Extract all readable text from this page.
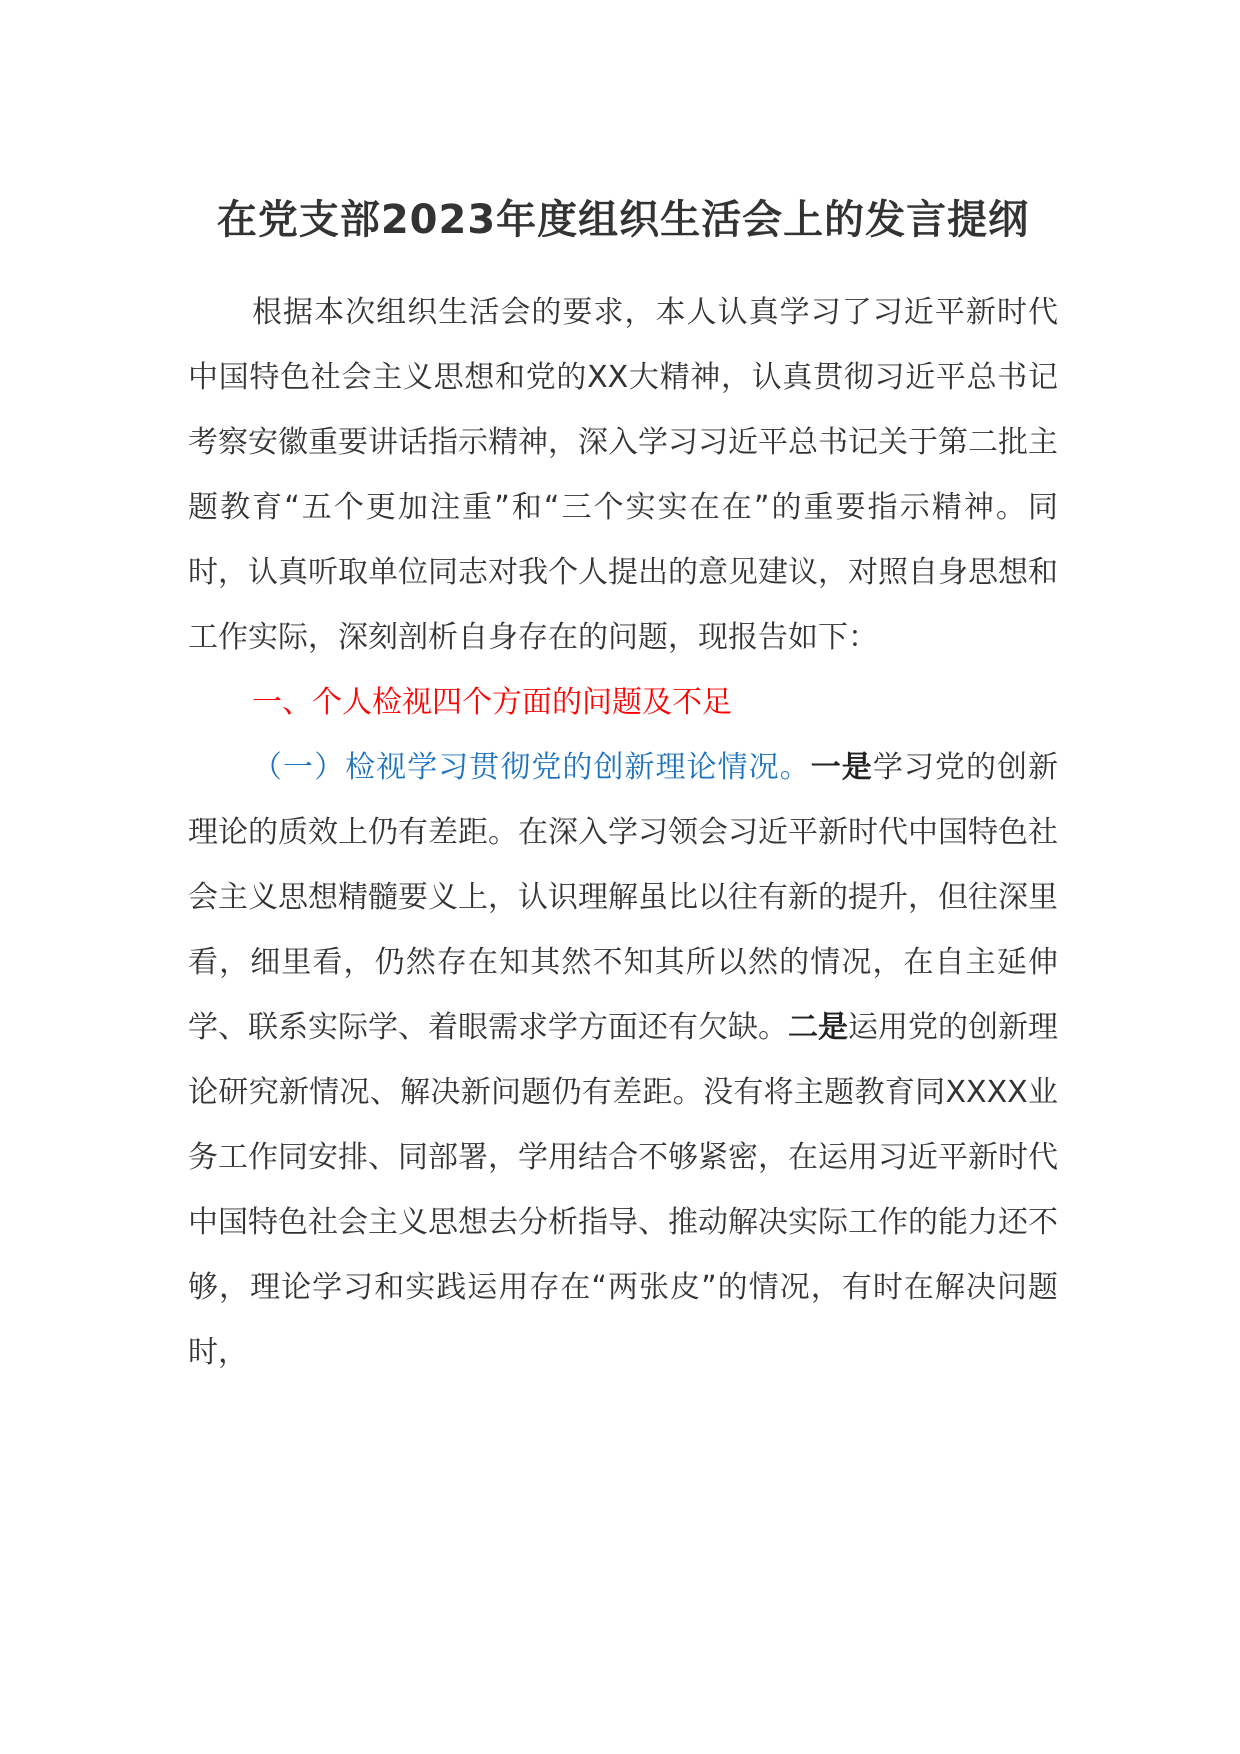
在党支部2023年度组织生活会上的发言提纲

根据本次组织生活会的要求，本人认真学习了习近平新时代中国特色社会主义思想和党的XX大精神，认真贯彻习近平总书记考察安徽重要讲话指示精神，深入学习习近平总书记关于第二批主题教育“五个更加注重”和“三个实实在在”的重要指示精神。同时，认真听取单位同志对我个人提出的意见建议，对照自身思想和工作实际，深刻剖析自身存在的问题，现报告如下：

一、个人检视四个方面的问题及不足

（一）检视学习贯彻党的创新理论情况。一是学习党的创新理论的质效上仍有差距。在深入学习领会习近平新时代中国特色社会主义思想精髓要义上，认识理解虽比以往有新的提升，但往深里看，细里看，仍然存在知其然不知其所以然的情况，在自主延伸学、联系实际学、着眼需求学方面还有欠缺。二是运用党的创新理论研究新情况、解决新问题仍有差距。没有将主题教育同XXXX业务工作同安排、同部署，学用结合不够紧密，在运用习近平新时代中国特色社会主义思想去分析指导、推动解决实际工作的能力还不够，理论学习和实践运用存在“两张皮”的情况，有时在解决问题时，
